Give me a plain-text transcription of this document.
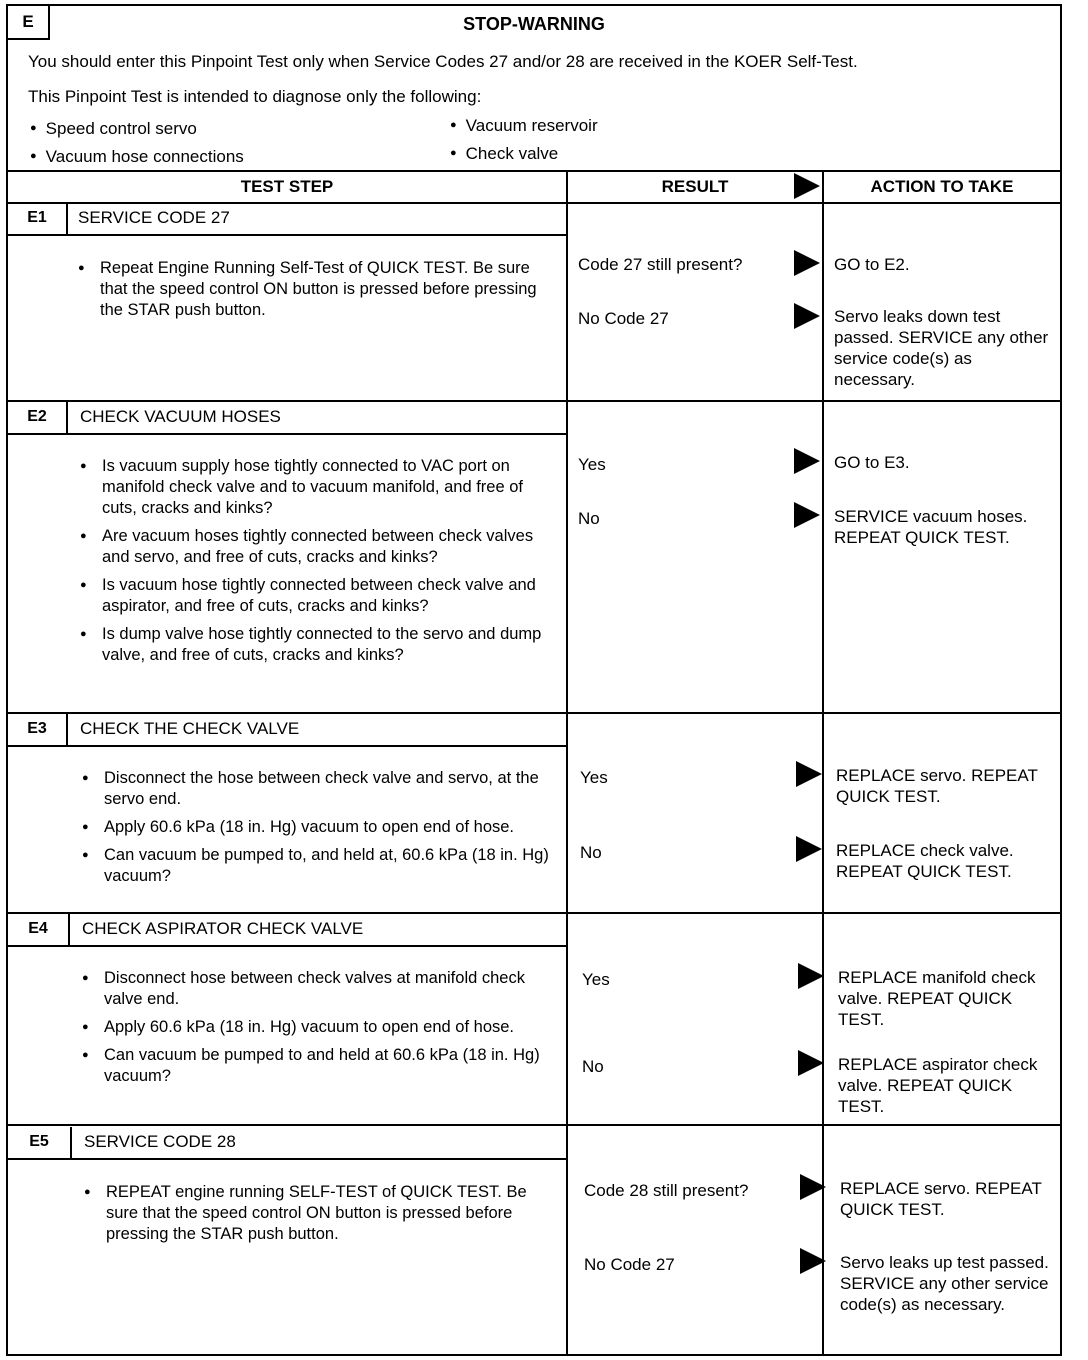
E	STOP-WARNING
You should enter this Pinpoint Test only when Service Codes 27 and/or 28 are received in the KOER Self-Test.
This Pinpoint Test is intended to diagnose only the following:
● Speed control servo	● Vacuum reservoir
● Vacuum hose connections	● Check valve
TEST STEP	RESULT	ACTION TO TAKE
E1	SERVICE CODE 27
● Repeat Engine Running Self-Test of QUICK TEST. Be sure that the speed control ON button is pressed before pressing the STAR push button.
Code 27 still present?	GO to E2.
No Code 27	Servo leaks down test passed. SERVICE any other service code(s) as necessary.
E2	CHECK VACUUM HOSES
● Is vacuum supply hose tightly connected to VAC port on manifold check valve and to vacuum manifold, and free of cuts, cracks and kinks?
● Are vacuum hoses tightly connected between check valves and servo, and free of cuts, cracks and kinks?
● Is vacuum hose tightly connected between check valve and aspirator, and free of cuts, cracks and kinks?
● Is dump valve hose tightly connected to the servo and dump valve, and free of cuts, cracks and kinks?
Yes	GO to E3.
No	SERVICE vacuum hoses. REPEAT QUICK TEST.
E3	CHECK THE CHECK VALVE
● Disconnect the hose between check valve and servo, at the servo end.
● Apply 60.6 kPa (18 in. Hg) vacuum to open end of hose.
● Can vacuum be pumped to, and held at, 60.6 kPa (18 in. Hg) vacuum?
Yes	REPLACE servo. REPEAT QUICK TEST.
No	REPLACE check valve. REPEAT QUICK TEST.
E4	CHECK ASPIRATOR CHECK VALVE
● Disconnect hose between check valves at manifold check valve end.
● Apply 60.6 kPa (18 in. Hg) vacuum to open end of hose.
● Can vacuum be pumped to and held at 60.6 kPa (18 in. Hg) vacuum?
Yes	REPLACE manifold check valve. REPEAT QUICK TEST.
No	REPLACE aspirator check valve. REPEAT QUICK TEST.
E5	SERVICE CODE 28
● REPEAT engine running SELF-TEST of QUICK TEST. Be sure that the speed control ON button is pressed before pressing the STAR push button.
Code 28 still present?	REPLACE servo. REPEAT QUICK TEST.
No Code 27	Servo leaks up test passed. SERVICE any other service code(s) as necessary.
